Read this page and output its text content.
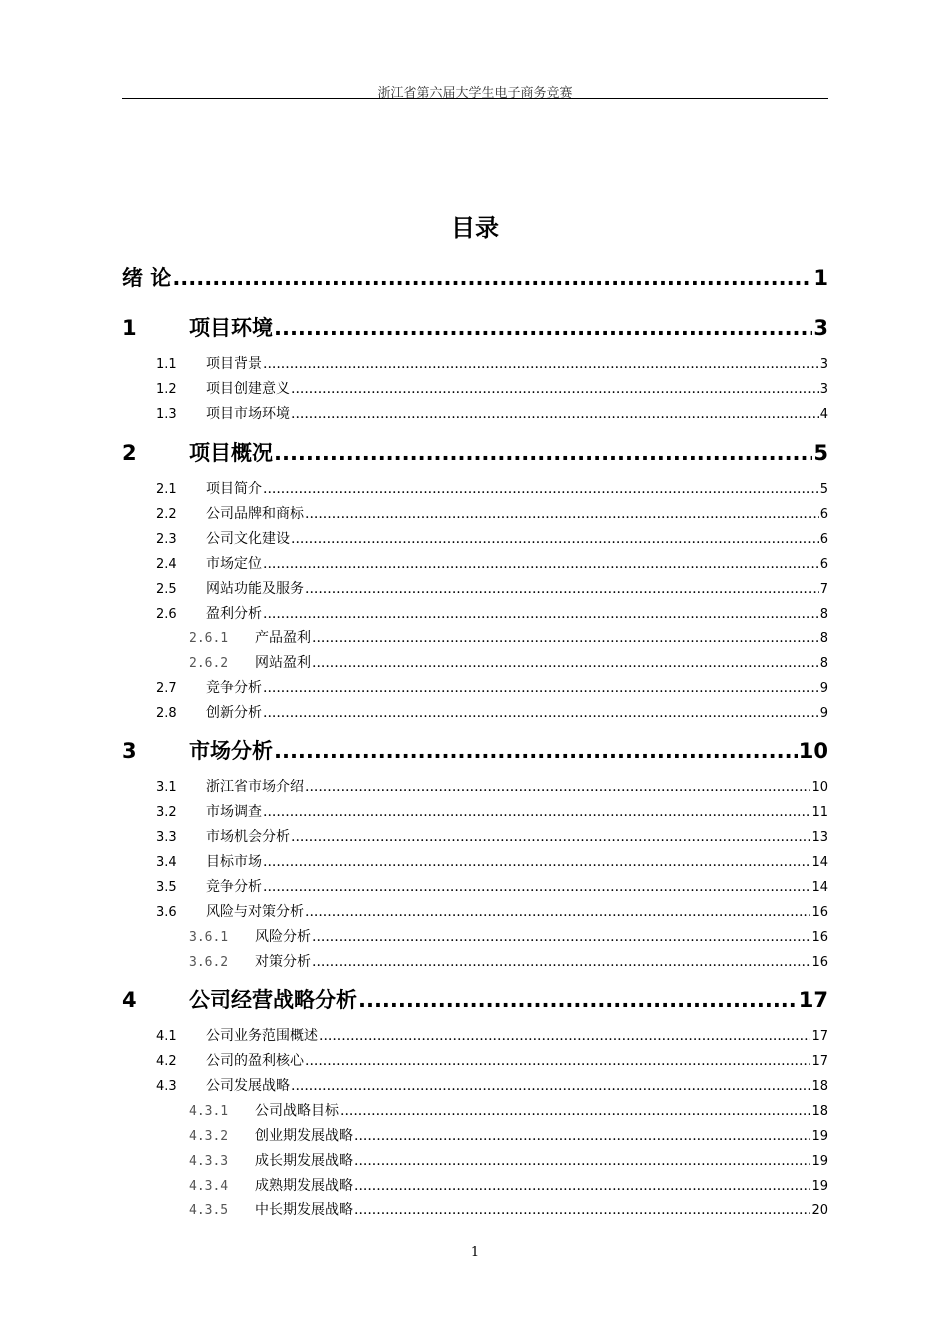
浙江省第六届大学生电子商务竞赛
目录
绪 论 .....	1
1	项目环境 .....	3
1.1	项目背景 .....	3
1.2	项目创建意义 .....	3
1.3	项目市场环境 .....	4
2	项目概况 .....	5
2.1	项目简介 .....	5
2.2	公司品牌和商标 .....	6
2.3	公司文化建设 .....	6
2.4	市场定位 .....	6
2.5	网站功能及服务 .....	7
2.6	盈利分析 .....	8
2.6.1	产品盈利 .....	8
2.6.2	网站盈利 .....	8
2.7	竞争分析 .....	9
2.8	创新分析 .....	9
3	市场分析 .....	10
3.1	浙江省市场介绍 .....	10
3.2	市场调查 .....	11
3.3	市场机会分析 .....	13
3.4	目标市场 .....	14
3.5	竞争分析 .....	14
3.6	风险与对策分析 .....	16
3.6.1	风险分析 .....	16
3.6.2	对策分析 .....	16
4	公司经营战略分析 .....	17
4.1	公司业务范围概述 .....	17
4.2	公司的盈利核心 .....	17
4.3	公司发展战略 .....	18
4.3.1	公司战略目标 .....	18
4.3.2	创业期发展战略 .....	19
4.3.3	成长期发展战略 .....	19
4.3.4	成熟期发展战略 .....	19
4.3.5	中长期发展战略 .....	20
1
